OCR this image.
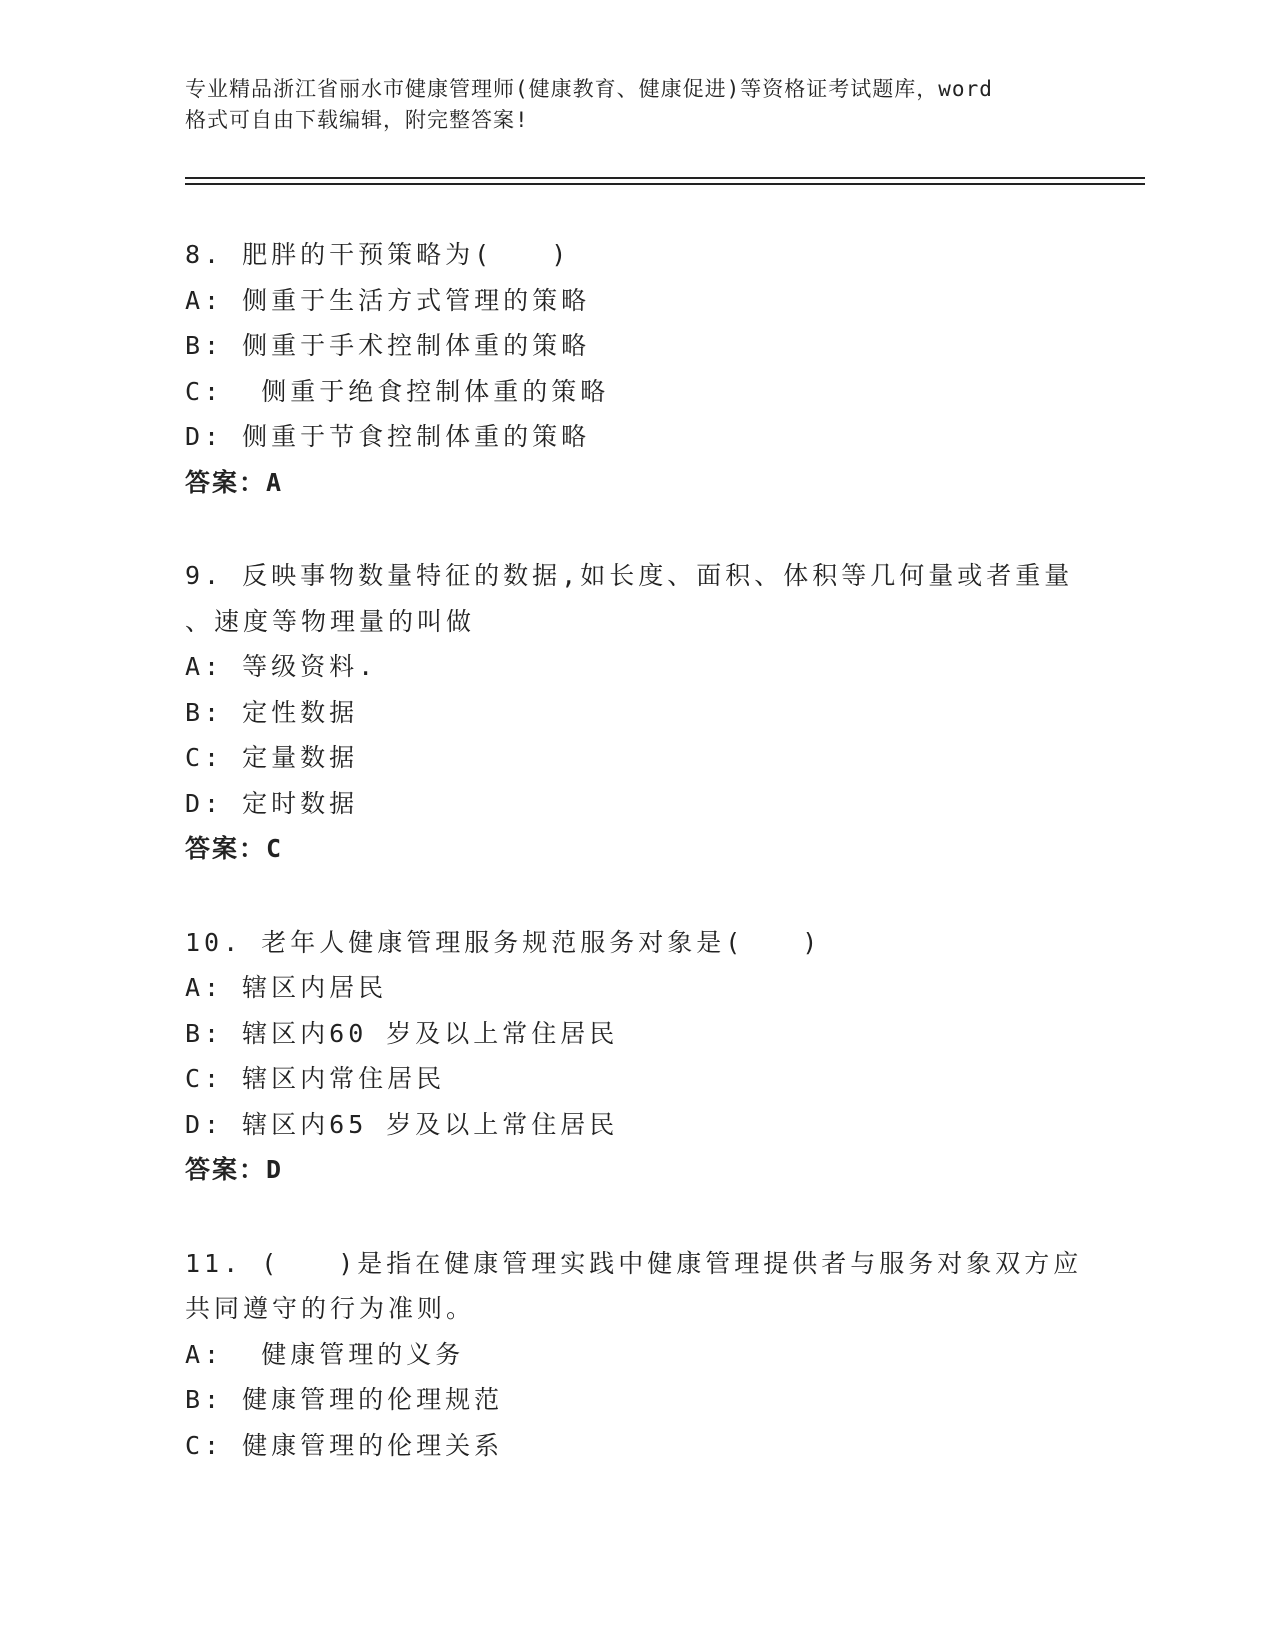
专业精品浙江省丽水市健康管理师(健康教育、健康促进)等资格证考试题库，word
格式可自由下载编辑，附完整答案!
8. 肥胖的干预策略为(　　)
A: 侧重于生活方式管理的策略
B: 侧重于手术控制体重的策略
C:  侧重于绝食控制体重的策略
D: 侧重于节食控制体重的策略
答案：A
9. 反映事物数量特征的数据,如长度、面积、体积等几何量或者重量
、速度等物理量的叫做
A: 等级资料.
B: 定性数据
C: 定量数据
D: 定时数据
答案：C
10. 老年人健康管理服务规范服务对象是(　　)
A: 辖区内居民
B: 辖区内60 岁及以上常住居民
C: 辖区内常住居民
D: 辖区内65 岁及以上常住居民
答案：D
11. (　　)是指在健康管理实践中健康管理提供者与服务对象双方应
共同遵守的行为准则。
A:  健康管理的义务
B: 健康管理的伦理规范
C: 健康管理的伦理关系
